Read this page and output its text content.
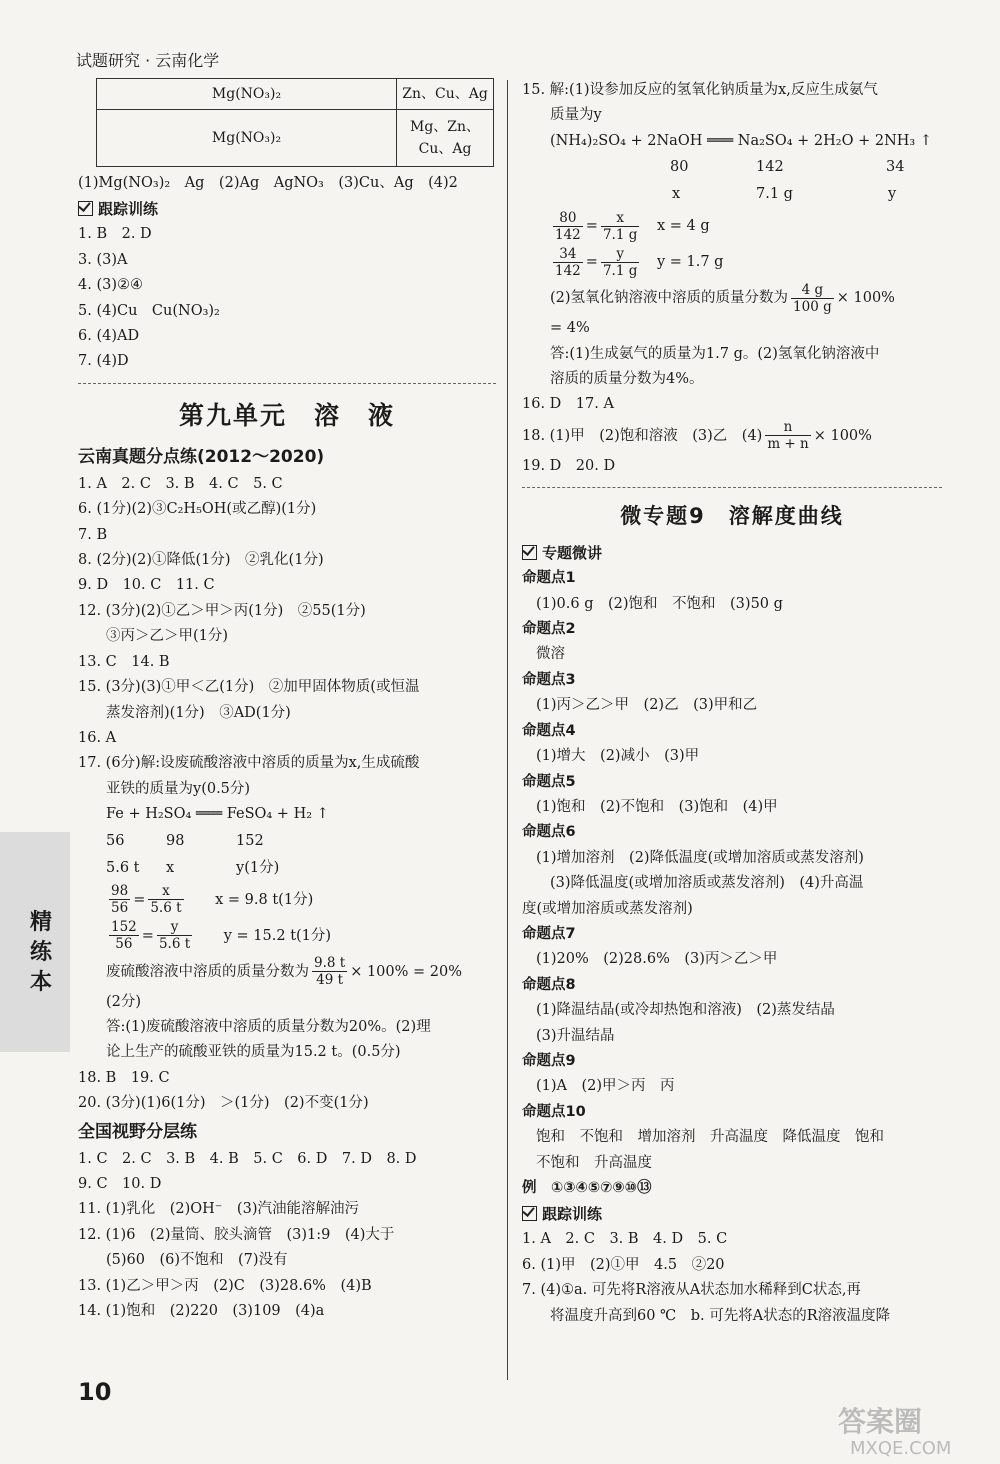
试题研究 · 云南化学
Mg(NO₃)₂	Zn、Cu、Ag
Mg(NO₃)₂	Mg、Zn、Cu、Ag
(1)Mg(NO₃)₂　Ag　(2)Ag　AgNO₃　(3)Cu、Ag　(4)2
跟踪训练
1. B　2. D
3. (3)A
4. (3)②④
5. (4)Cu　Cu(NO₃)₂
6. (4)AD
7. (4)D
第九单元　溶　液
云南真题分点练(2012～2020)
1. A　2. C　3. B　4. C　5. C
6. (1分)(2)③C₂H₅OH(或乙醇)(1分)
7. B
8. (2分)(2)①降低(1分)　②乳化(1分)
9. D　10. C　11. C
12. (3分)(2)①乙＞甲＞丙(1分)　②55(1分)
③丙＞乙＞甲(1分)
13. C　14. B
15. (3分)(3)①甲＜乙(1分)　②加甲固体物质(或恒温
蒸发溶剂)(1分)　③AD(1分)
16. A
17. (6分)解:设废硫酸溶液中溶质的质量为x,生成硫酸
亚铁的质量为y(0.5分)
Fe + H₂SO₄ ═══ FeSO₄ + H₂ ↑
56	98	152
5.6 t	x	y(1分)
$\frac{98}{56} = \frac{x}{5.6 t}$ x = 9.8 t(1分)
$\frac{152}{56} = \frac{y}{5.6 t}$ y = 15.2 t(1分)
废硫酸溶液中溶质的质量分数为 $\frac{9.8 t}{49 t} \times 100\% = 20\%$
(2分)
答:(1)废硫酸溶液中溶质的质量分数为20%。(2)理
论上生产的硫酸亚铁的质量为15.2 t。(0.5分)
18. B　19. C
20. (3分)(1)6(1分)　＞(1分)　(2)不变(1分)
全国视野分层练
1. C　2. C　3. B　4. B　5. C　6. D　7. D　8. D
9. C　10. D
11. (1)乳化　(2)OH⁻　(3)汽油能溶解油污
12. (1)6　(2)量筒、胶头滴管　(3)1:9　(4)大于
(5)60　(6)不饱和　(7)没有
13. (1)乙＞甲＞丙　(2)C　(3)28.6%　(4)B
14. (1)饱和　(2)220　(3)109　(4)a
15. 解:(1)设参加反应的氢氧化钠质量为x,反应生成氨气
质量为y
(NH₄)₂SO₄ + 2NaOH ═══ Na₂SO₄ + 2H₂O + 2NH₃ ↑
80	142	34
x	7.1 g	y
$\frac{80}{142} = \frac{x}{7.1 g}$ x = 4 g
$\frac{34}{142} = \frac{y}{7.1 g}$ y = 1.7 g
(2)氢氧化钠溶液中溶质的质量分数为 $\frac{4 g}{100 g} \times 100\%$
= 4%
答:(1)生成氨气的质量为1.7 g。(2)氢氧化钠溶液中
溶质的质量分数为4%。
16. D　17. A
18. (1)甲　(2)饱和溶液　(3)乙　$(4) \frac{n}{m + n} \times 100\%$
19. D　20. D
微专题9　溶解度曲线
专题微讲
命题点1
(1)0.6 g　(2)饱和　不饱和　(3)50 g
命题点2
微溶
命题点3
(1)丙＞乙＞甲　(2)乙　(3)甲和乙
命题点4
(1)增大　(2)减小　(3)甲
命题点5
(1)饱和　(2)不饱和　(3)饱和　(4)甲
命题点6
(1)增加溶剂　(2)降低温度(或增加溶质或蒸发溶剂)
(3)降低温度(或增加溶质或蒸发溶剂)　(4)升高温
度(或增加溶质或蒸发溶剂)
命题点7
(1)20%　(2)28.6%　(3)丙＞乙＞甲
命题点8
(1)降温结晶(或冷却热饱和溶液)　(2)蒸发结晶
(3)升温结晶
命题点9
(1)A　(2)甲＞丙　丙
命题点10
饱和　不饱和　增加溶剂　升高温度　降低温度　饱和
不饱和　升高温度
例　①③④⑤⑦⑨⑩⑬
跟踪训练
1. A　2. C　3. B　4. D　5. C
6. (1)甲　(2)①甲　4.5　②20
7. (4)①a. 可先将R溶液从A状态加水稀释到C状态,再
将温度升高到60 ℃　b. 可先将A状态的R溶液温度降
精练本
10
答案圈
MXQE.COM
